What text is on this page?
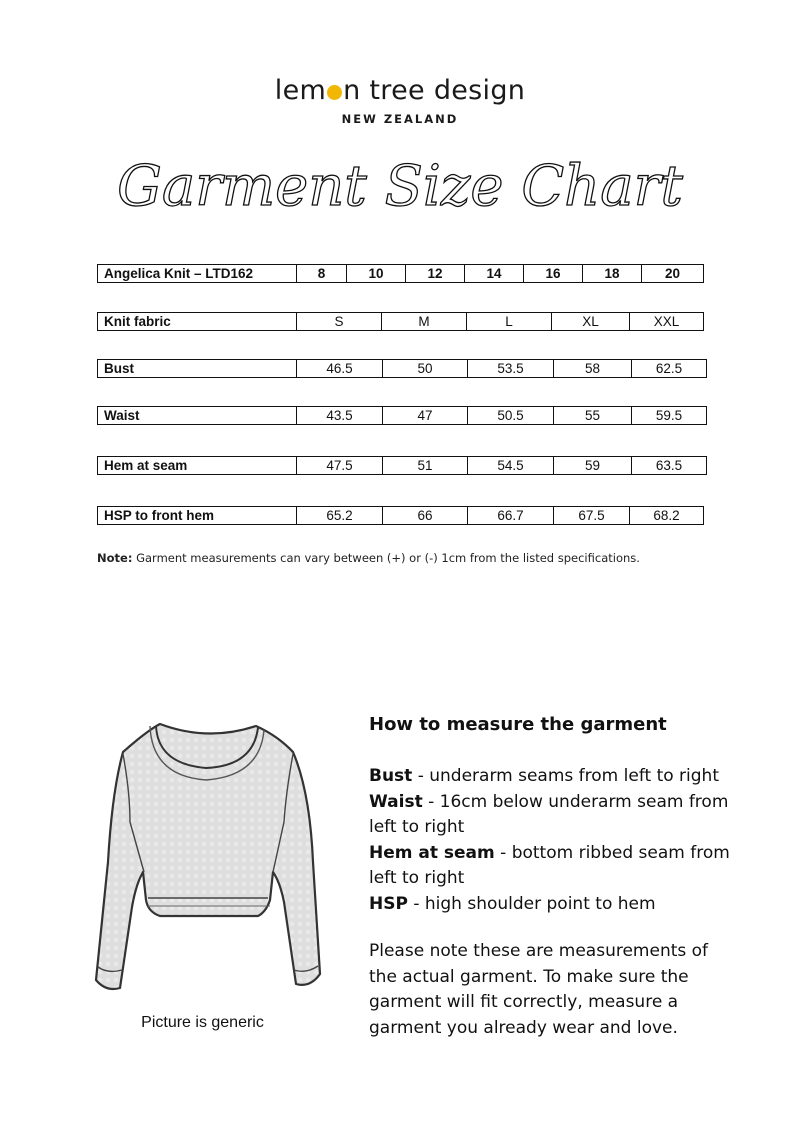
lem n tree design
NEW ZEALAND
Garment Size Chart
Angelica Knit – LTD162	8	10	12	14	16	18	20
Knit fabric	S	M	L	XL	XXL
Bust	46.5	50	53.5	58	62.5
Waist	43.5	47	50.5	55	59.5
Hem at seam	47.5	51	54.5	59	63.5
HSP to front hem	65.2	66	66.7	67.5	68.2
Note: Garment measurements can vary between (+) or (-) 1cm from the listed specifications.
Picture is generic
How to measure the garment

Bust - underarm seams from left to right

Waist - 16cm below underarm seam from left to right

Hem at seam - bottom ribbed seam from left to right

HSP - high shoulder point to hem

Please note these are measurements of the actual garment. To make sure the garment will fit correctly, measure a garment you already wear and love.
